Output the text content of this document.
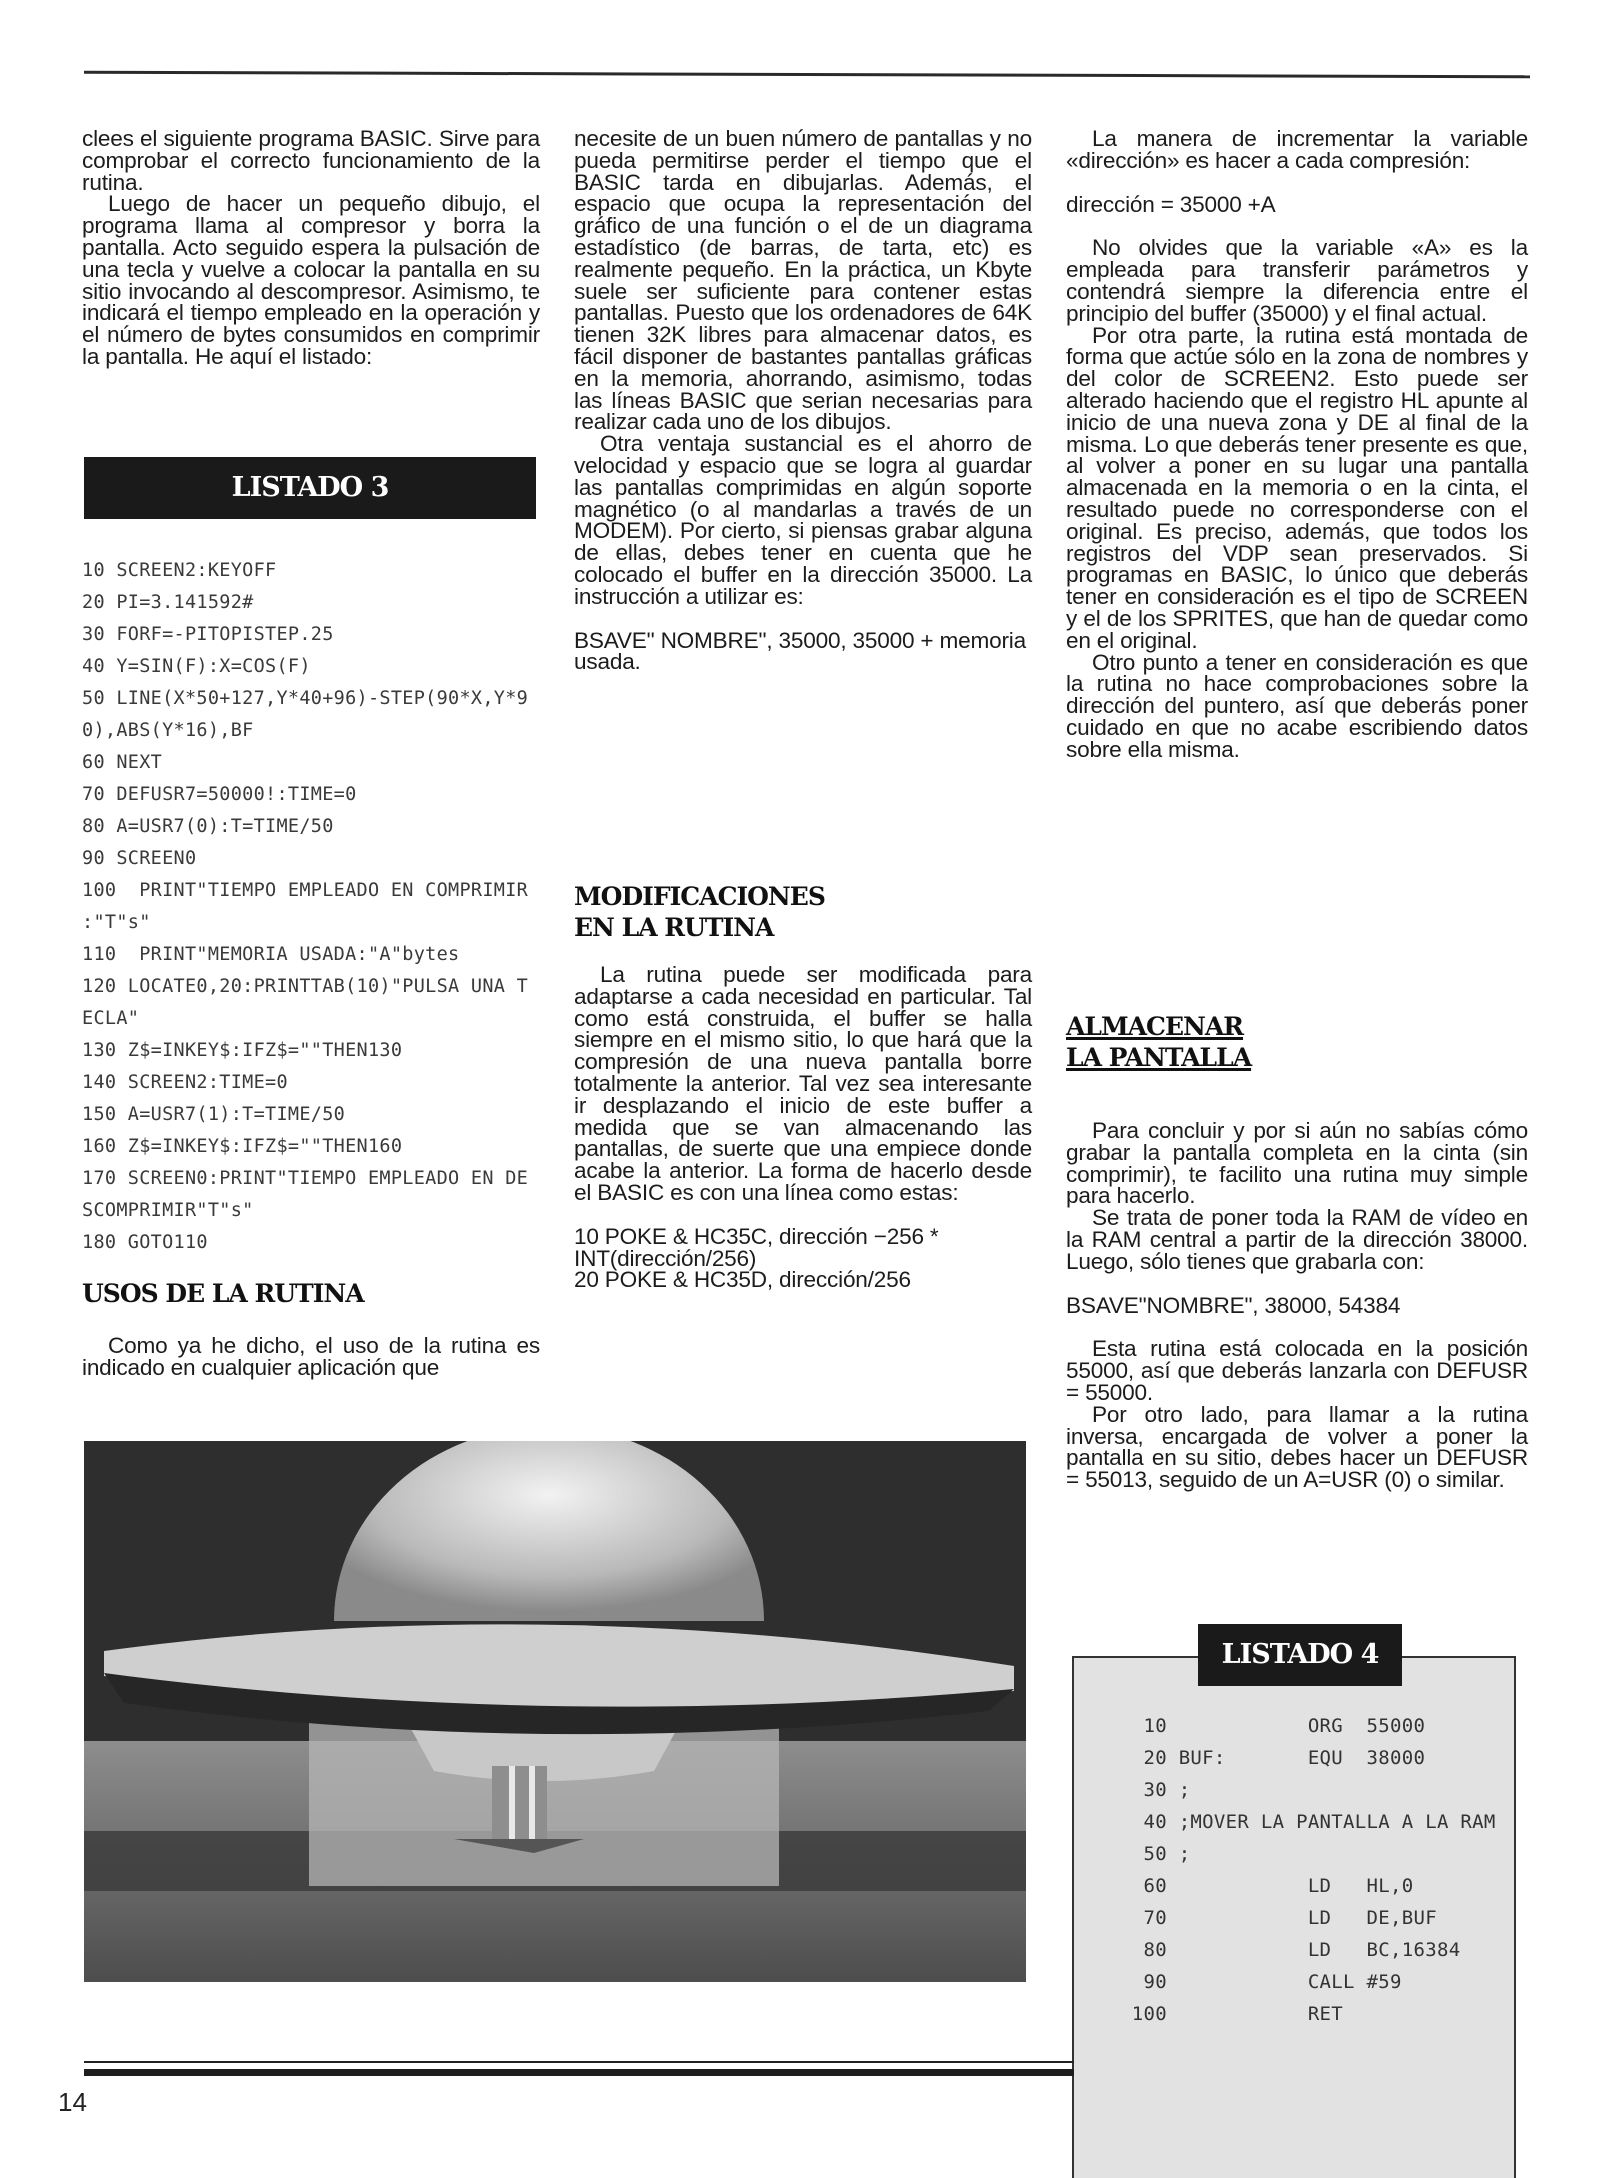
clees el siguiente programa BASIC. Sirve para comprobar el correcto funcionamiento de la rutina.

Luego de hacer un pequeño dibujo, el programa llama al compresor y borra la pantalla. Acto seguido espera la pulsación de una tecla y vuelve a colocar la pantalla en su sitio invocando al descompresor. Asimismo, te indicará el tiempo empleado en la operación y el número de bytes consumidos en comprimir la pantalla. He aquí el listado:

LISTADO 3
10 SCREEN2:KEYOFF
20 PI=3.141592#
30 FORF=-PITOPISTEP.25
40 Y=SIN(F):X=COS(F)
50 LINE(X*50+127,Y*40+96)-STEP(90*X,Y*9
0),ABS(Y*16),BF
60 NEXT
70 DEFUSR7=50000!:TIME=0
80 A=USR7(0):T=TIME/50
90 SCREEN0
100  PRINT"TIEMPO EMPLEADO EN COMPRIMIR
:"T"s"
110  PRINT"MEMORIA USADA:"A"bytes
120 LOCATE0,20:PRINTTAB(10)"PULSA UNA T
ECLA"
130 Z$=INKEY$:IFZ$=""THEN130
140 SCREEN2:TIME=0
150 A=USR7(1):T=TIME/50
160 Z$=INKEY$:IFZ$=""THEN160
170 SCREEN0:PRINT"TIEMPO EMPLEADO EN DE
SCOMPRIMIR"T"s"
180 GOTO110
USOS DE LA RUTINA

Como ya he dicho, el uso de la rutina es indicado en cualquier aplicación que

necesite de un buen número de pantallas y no pueda permitirse perder el tiempo que el BASIC tarda en dibujarlas. Además, el espacio que ocupa la representación del gráfico de una función o el de un diagrama estadístico (de barras, de tarta, etc) es realmente pequeño. En la práctica, un Kbyte suele ser suficiente para contener estas pantallas. Puesto que los ordenadores de 64K tienen 32K libres para almacenar datos, es fácil disponer de bastantes pantallas gráficas en la memoria, ahorrando, asimismo, todas las líneas BASIC que serian necesarias para realizar cada uno de los dibujos.

Otra ventaja sustancial es el ahorro de velocidad y espacio que se logra al guardar las pantallas comprimidas en algún soporte magnético (o al mandarlas a través de un MODEM). Por cierto, si piensas grabar alguna de ellas, debes tener en cuenta que he colocado el buffer en la dirección 35000. La instrucción a utilizar es:

BSAVE" NOMBRE", 35000, 35000 + memoria usada.

MODIFICACIONES
EN LA RUTINA

La rutina puede ser modificada para adaptarse a cada necesidad en particular. Tal como está construida, el buffer se halla siempre en el mismo sitio, lo que hará que la compresión de una nueva pantalla borre totalmente la anterior. Tal vez sea interesante ir desplazando el inicio de este buffer a medida que se van almacenando las pantallas, de suerte que una empiece donde acabe la anterior. La forma de hacerlo desde el BASIC es con una línea como estas:

10 POKE & HC35C, dirección −256 * INT(dirección/256)

20 POKE & HC35D, dirección/256

La manera de incrementar la variable «dirección» es hacer a cada compresión:

dirección = 35000 +A

No olvides que la variable «A» es la empleada para transferir parámetros y contendrá siempre la diferencia entre el principio del buffer (35000) y el final actual.

Por otra parte, la rutina está montada de forma que actúe sólo en la zona de nombres y del color de SCREEN2. Esto puede ser alterado haciendo que el registro HL apunte al inicio de una nueva zona y DE al final de la misma. Lo que deberás tener presente es que, al volver a poner en su lugar una pantalla almacenada en la memoria o en la cinta, el resultado puede no corresponderse con el original. Es preciso, además, que todos los registros del VDP sean preservados. Si programas en BASIC, lo único que deberás tener en consideración es el tipo de SCREEN y el de los SPRITES, que han de quedar como en el original.

Otro punto a tener en consideración es que la rutina no hace comprobaciones sobre la dirección del puntero, así que deberás poner cuidado en que no acabe escribiendo datos sobre ella misma.

ALMACENAR
LA PANTALLA

Para concluir y por si aún no sabías cómo grabar la pantalla completa en la cinta (sin comprimir), te facilito una rutina muy simple para hacerlo.

Se trata de poner toda la RAM de vídeo en la RAM central a partir de la dirección 38000. Luego, sólo tienes que grabarla con:

BSAVE"NOMBRE", 38000, 54384

Esta rutina está colocada en la posición 55000, así que deberás lanzarla con DEFUSR = 55000.

Por otro lado, para llamar a la rutina inversa, encargada de volver a poner la pantalla en su sitio, debes hacer un DEFUSR = 55013, seguido de un A=USR (0) o similar.

LISTADO 4
10            ORG  55000
20 BUF:       EQU  38000
30 ;
40 ;MOVER LA PANTALLA A LA RAM
50 ;
60            LD   HL,0
70            LD   DE,BUF
80            LD   BC,16384
90            CALL #59
100            RET
14
